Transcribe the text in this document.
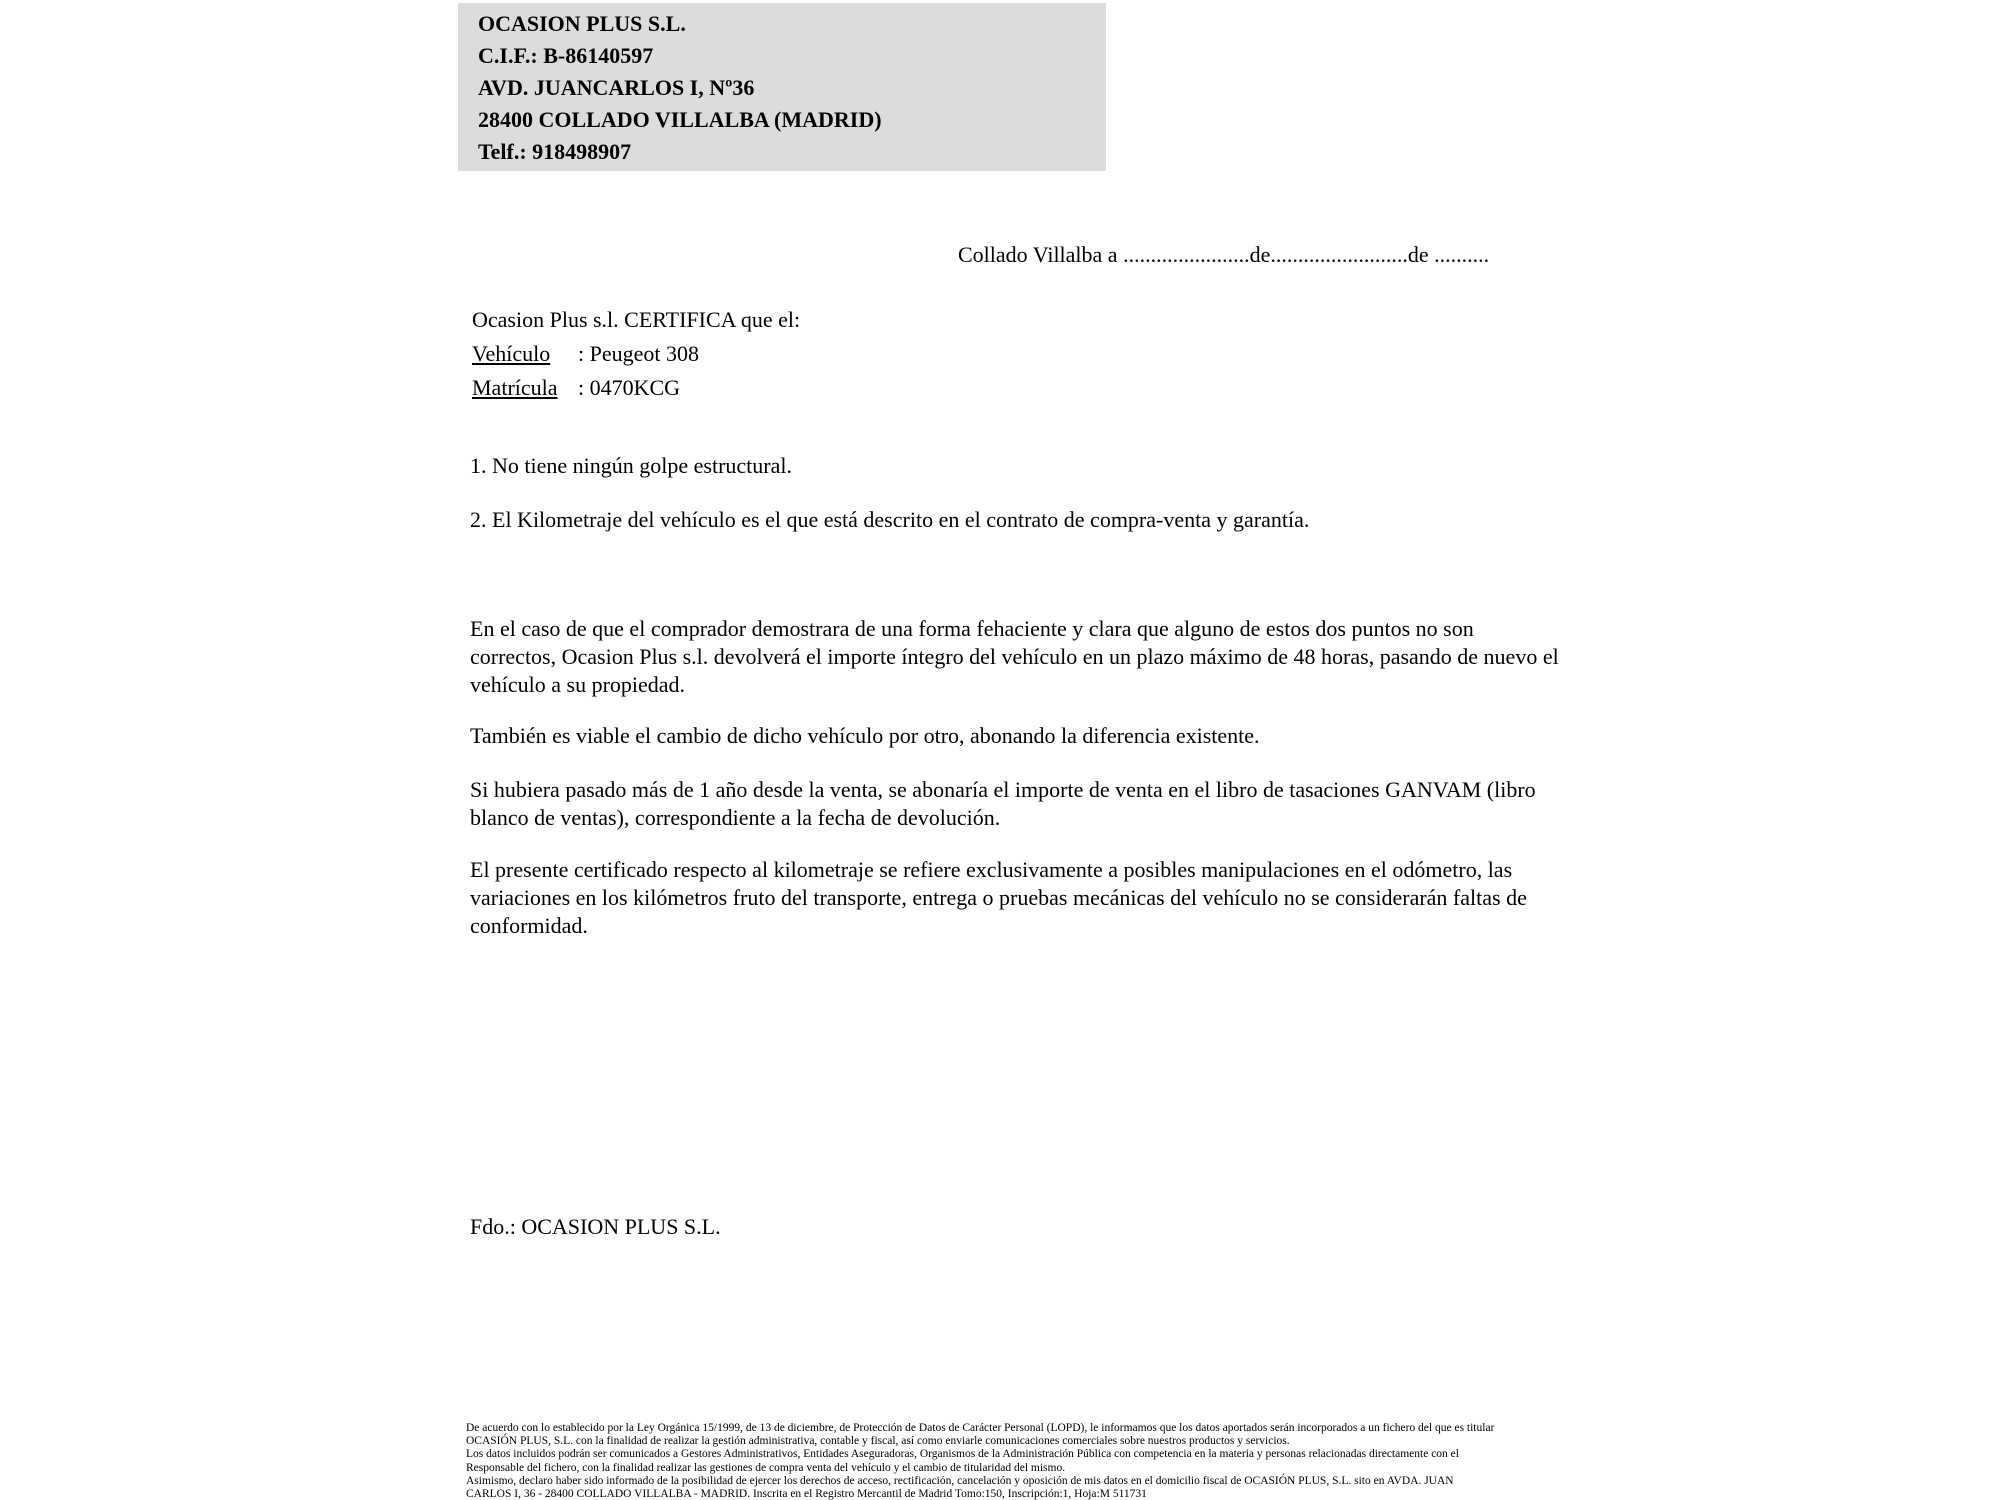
OCASION PLUS S.L.
C.I.F.: B-86140597
AVD. JUANCARLOS I, Nº36
28400 COLLADO VILLALBA (MADRID)
Telf.: 918498907
Collado Villalba a .......................de.........................de ..........
Ocasion Plus s.l. CERTIFICA que el:
Vehículo : Peugeot 308
Matrícula : 0470KCG

1. No tiene ningún golpe estructural.

2. El Kilometraje del vehículo es el que está descrito en el contrato de compra-venta y garantía.

En el caso de que el comprador demostrara de una forma fehaciente y clara que alguno de estos dos puntos no son correctos, Ocasion Plus s.l. devolverá el importe íntegro del vehículo en un plazo máximo de 48 horas, pasando de nuevo el vehículo a su propiedad.

También es viable el cambio de dicho vehículo por otro, abonando la diferencia existente.

Si hubiera pasado más de 1 año desde la venta, se abonaría el importe de venta en el libro de tasaciones GANVAM (libro blanco de ventas), correspondiente a la fecha de devolución.

El presente certificado respecto al kilometraje se refiere exclusivamente a posibles manipulaciones en el odómetro, las variaciones en los kilómetros fruto del transporte, entrega o pruebas mecánicas del vehículo no se considerarán faltas de conformidad.

Fdo.: OCASION PLUS S.L.
De acuerdo con lo establecido por la Ley Orgánica 15/1999, de 13 de diciembre, de Protección de Datos de Carácter Personal (LOPD), le informamos que los datos aportados serán incorporados a un fichero del que es titular
OCASIÓN PLUS, S.L. con la finalidad de realizar la gestión administrativa, contable y fiscal, así como enviarle comunicaciones comerciales sobre nuestros productos y servicios.
Los datos incluidos podrán ser comunicados a Gestores Administrativos, Entidades Aseguradoras, Organismos de la Administración Pública con competencia en la materia y personas relacionadas directamente con el
Responsable del fichero, con la finalidad realizar las gestiones de compra venta del vehículo y el cambio de titularidad del mismo.
Asimismo, declaro haber sido informado de la posibilidad de ejercer los derechos de acceso, rectificación, cancelación y oposición de mis datos en el domicilio fiscal de OCASIÓN PLUS, S.L. sito en AVDA. JUAN
CARLOS I, 36 - 28400 COLLADO VILLALBA - MADRID. Inscrita en el Registro Mercantil de Madrid Tomo:150, Inscripción:1, Hoja:M 511731
